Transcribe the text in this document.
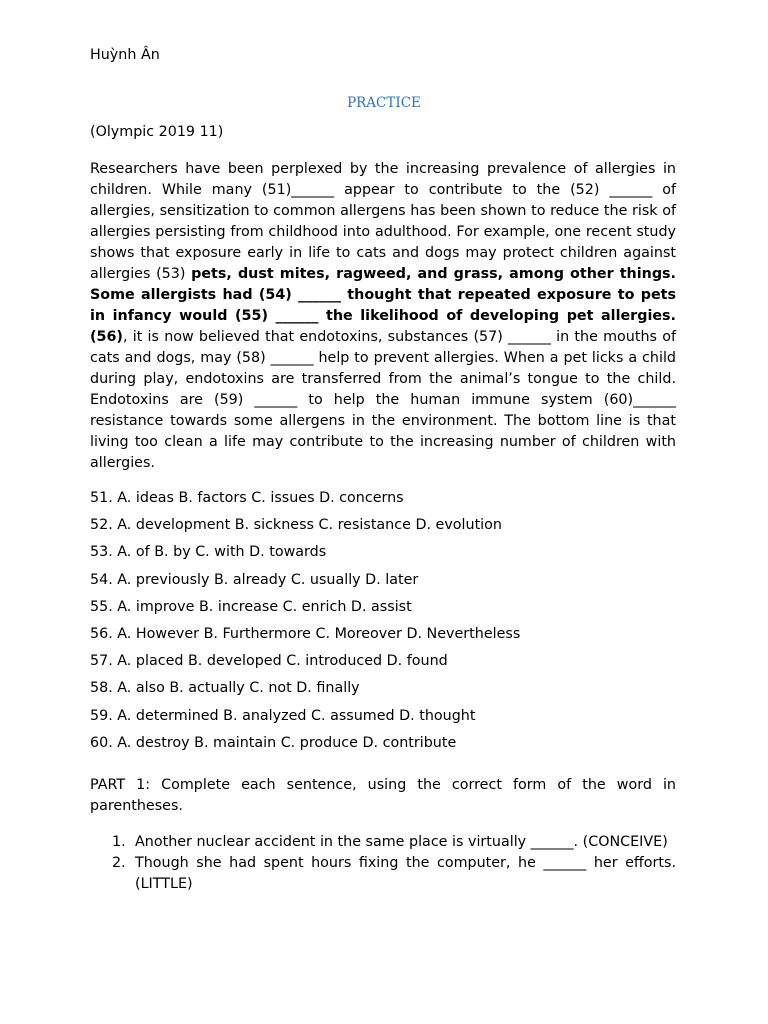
Huỳnh Ân
PRACTICE
(Olympic 2019 11)

Researchers have been perplexed by the increasing prevalence of allergies in children. While many (51)______ appear to contribute to the (52) ______ of allergies, sensitization to common allergens has been shown to reduce the risk of allergies persisting from childhood into adulthood. For example, one recent study shows that exposure early in life to cats and dogs may protect children against allergies (53) pets, dust mites, ragweed, and grass, among other things. Some allergists had (54) ______ thought that repeated exposure to pets in infancy would (55) ______ the likelihood of developing pet allergies. (56), it is now believed that endotoxins, substances (57) ______ in the mouths of cats and dogs, may (58) ______ help to prevent allergies. When a pet licks a child during play, endotoxins are transferred from the animal’s tongue to the child. Endotoxins are (59) ______ to help the human immune system (60)______ resistance towards some allergens in the environment. The bottom line is that living too clean a life may contribute to the increasing number of children with allergies.

51. A. ideas B. factors C. issues D. concerns
52. A. development B. sickness C. resistance D. evolution
53. A. of B. by C. with D. towards
54. A. previously B. already C. usually D. later
55. A. improve B. increase C. enrich D. assist
56. A. However B. Furthermore C. Moreover D. Nevertheless
57. A. placed B. developed C. introduced D. found
58. A. also B. actually C. not D. finally
59. A. determined B. analyzed C. assumed D. thought
60. A. destroy B. maintain C. produce D. contribute

PART 1: Complete each sentence, using the correct form of the word in parentheses.

1. Another nuclear accident in the same place is virtually ______. (CONCEIVE)
2. Though she had spent hours fixing the computer, he ______ her efforts. (LITTLE)
